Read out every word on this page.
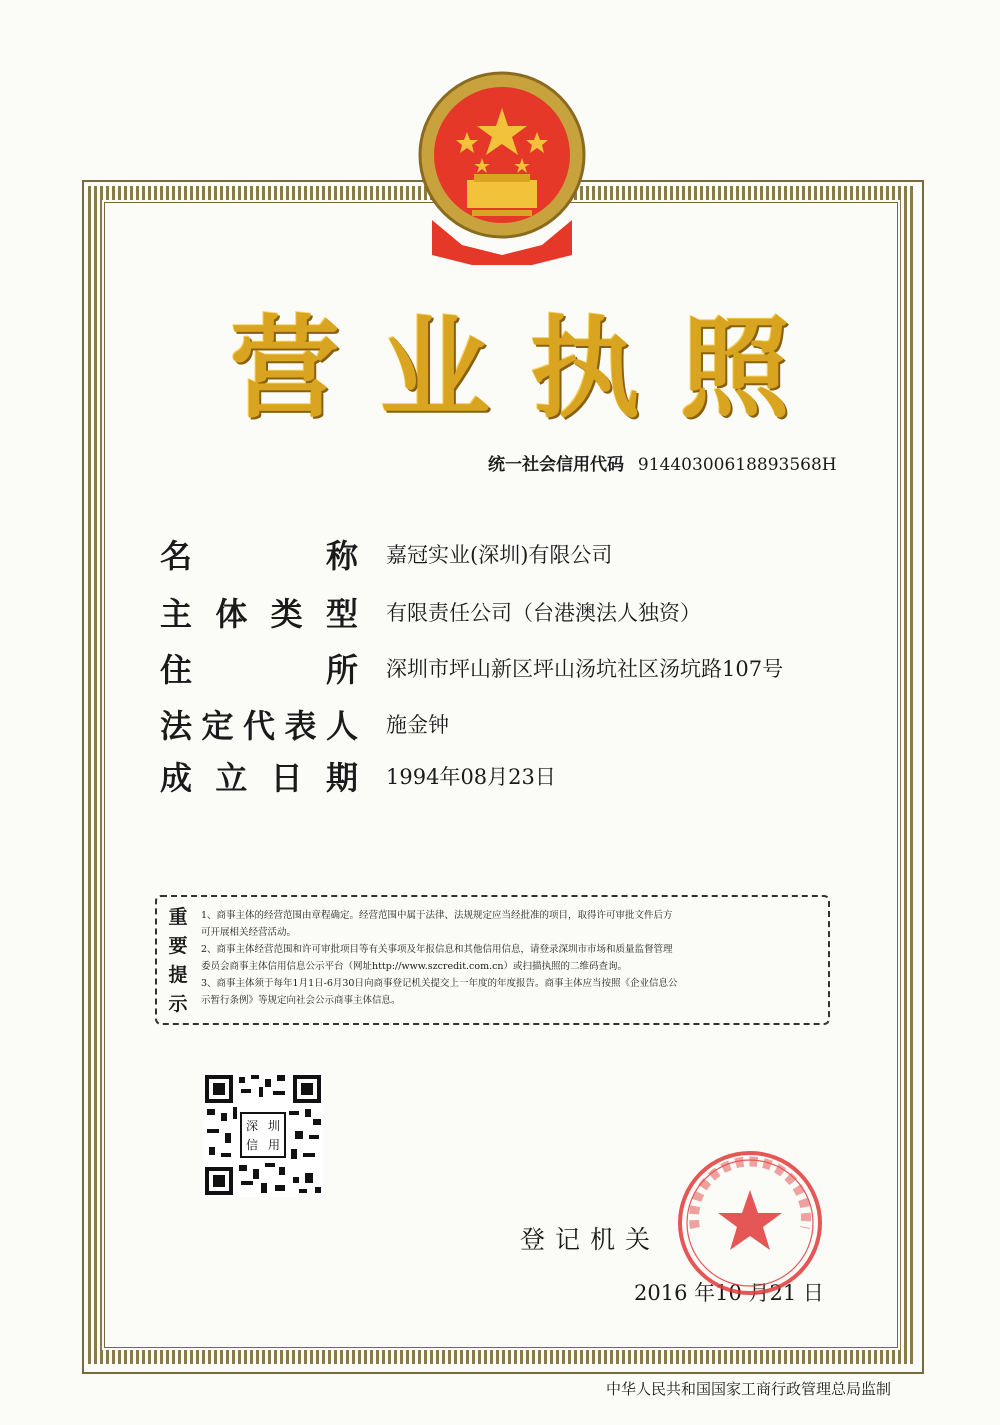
营 业 执 照
统一社会信用代码 91440300618893568H
名	称 嘉冠实业(深圳)有限公司
主 体 类 型 有限责任公司（台港澳法人独资）
住	所 深圳市坪山新区坪山汤坑社区汤坑路107号
法 定 代 表 人 施金钟
成 立 日 期 1994年08月23日
重
要
提
示
1、商事主体的经营范围由章程确定。经营范围中属于法律、法规规定应当经批准的项目，取得许可审批文件后方
可开展相关经营活动。
2、商事主体经营范围和许可审批项目等有关事项及年报信息和其他信用信息，请登录深圳市市场和质量监督管理
委员会商事主体信用信息公示平台（网址http://www.szcredit.com.cn）或扫描执照的二维码查询。
3、商事主体须于每年1月1日-6月30日向商事登记机关提交上一年度的年度报告。商事主体应当按照《企业信息公
示暂行条例》等规定向社会公示商事主体信息。
深 圳
信 用
登记机关
2016 年10 月21 日
中华人民共和国国家工商行政管理总局监制
